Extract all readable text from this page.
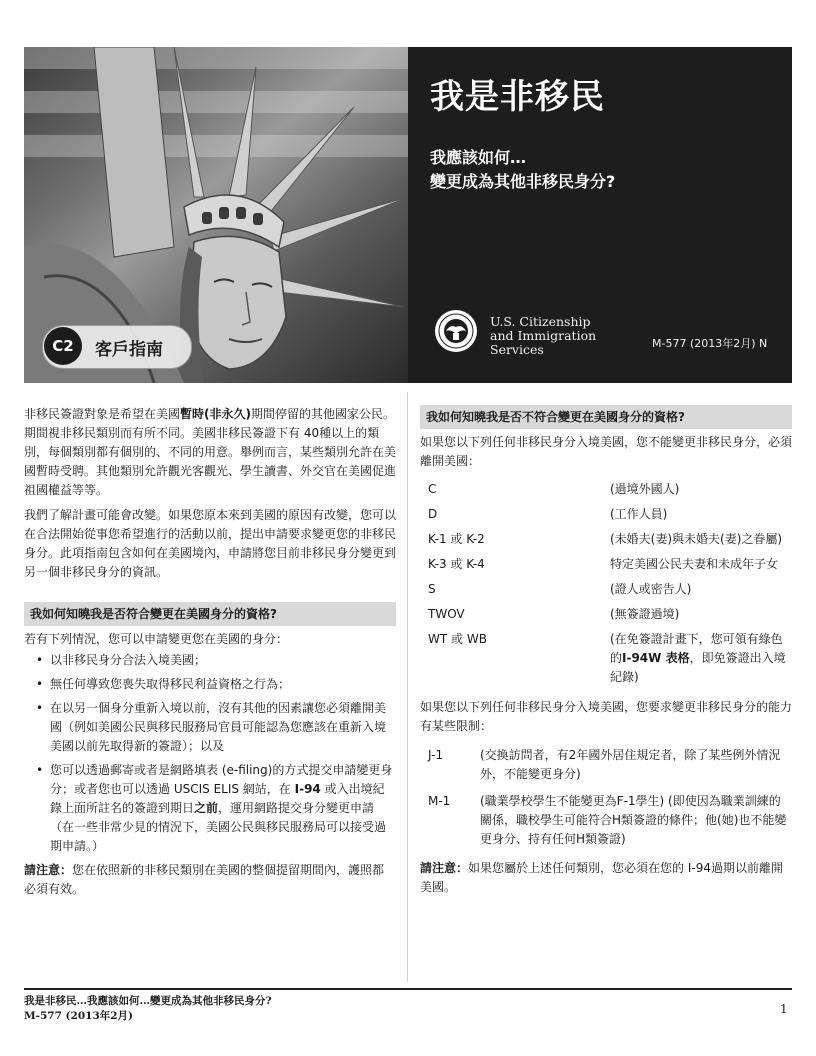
C2	客戶指南
我是非移民
我應該如何…
變更成為其他非移民身分?
U.S. Citizenship
and Immigration
Services	M-577 (2013年2月) N

非移民簽證對象是希望在美國暫時(非永久)期間停留的其他國家公民。期間視非移民類別而有所不同。美國非移民簽證下有 40種以上的類別，每個類別都有個別的、不同的用意。舉例而言，某些類別允許在美國暫時受聘。其他類別允許觀光客觀光、學生讀書、外交官在美國促進祖國權益等等。

我們了解計畫可能會改變。如果您原本來到美國的原因有改變，您可以在合法開始從事您希望進行的活動以前，提出申請要求變更您的非移民身分。此項指南包含如何在美國境內，申請將您目前非移民身分變更到另一個非移民身分的資訊。

我如何知曉我是否符合變更在美國身分的資格?

若有下列情況，您可以申請變更您在美國的身分：

• 以非移民身分合法入境美國；
• 無任何導致您喪失取得移民利益資格之行為；
• 在以另一個身分重新入境以前，沒有其他的因素讓您必須離開美國（例如美國公民與移民服務局官員可能認為您應該在重新入境美國以前先取得新的簽證）；以及
• 您可以透過郵寄或者是網路填表 (e-filing)的方式提交申請變更身分；或者您也可以透過 USCIS ELIS 網站，在 I-94 或入出境紀錄上面所註名的簽證到期日之前，運用網路提交身分變更申請（在一些非常少見的情況下，美國公民與移民服務局可以接受過期申請。）

請注意：您在依照新的非移民類別在美國的整個提留期間內，護照都必須有效。

我如何知曉我是否不符合變更在美國身分的資格?

如果您以下列任何非移民身分入境美國，您不能變更非移民身分，必須離開美國：

C	(過境外國人)
D	(工作人員)
K-1 或 K-2	(未婚夫(妻)與未婚夫(妻)之眷屬)
K-3 或 K-4	特定美國公民夫妻和未成年子女
S	(證人或密告人)
TWOV	(無簽證過境)
WT 或 WB	(在免簽證計畫下，您可領有綠色的I-94W 表格，即免簽證出入境紀錄)

如果您以下列任何非移民身分入境美國，您要求變更非移民身分的能力有某些限制：

J-1	(交換訪問者，有2年國外居住規定者，除了某些例外情況外，不能變更身分)
M-1	(職業學校學生不能變更為F-1學生) (即使因為職業訓練的關係，職校學生可能符合H類簽證的條件；他(她)也不能變更身分、持有任何H類簽證)

請注意：如果您屬於上述任何類別，您必須在您的 I-94過期以前離開美國。

我是非移民…我應該如何…變更成為其他非移民身分?
M-577 (2013年2月)	1
